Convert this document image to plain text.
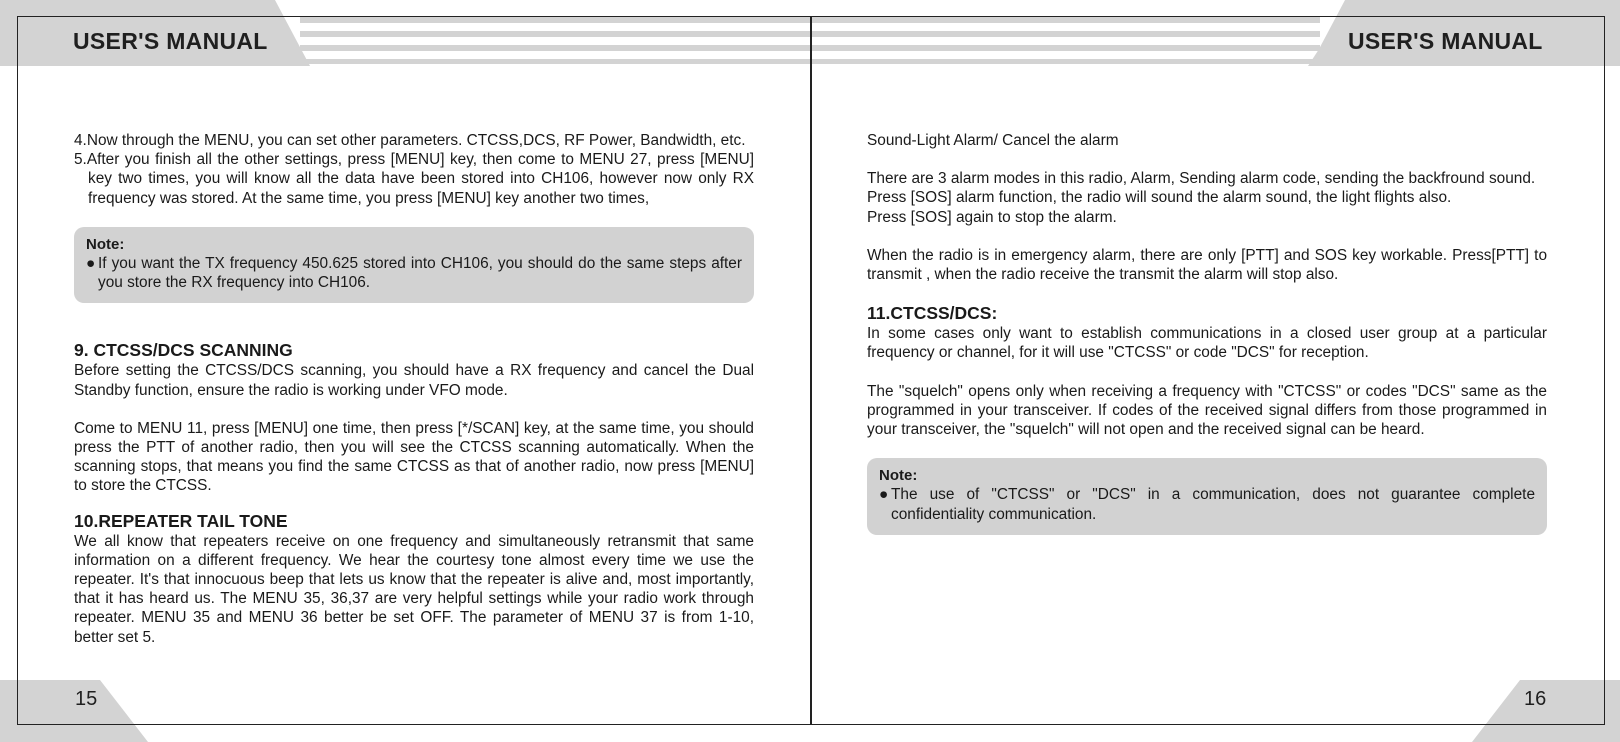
USER'S MANUAL	USER'S MANUAL
15	16

4.Now through the MENU, you can set other parameters. CTCSS,DCS, RF Power, Bandwidth, etc.

5.After you finish all the other settings, press [MENU] key, then come to MENU 27, press [MENU] key two times, you will know all the data have been stored into CH106, however now only RX frequency was stored. At the same time, you press [MENU] key another two times,

Note:
● If you want the TX frequency 450.625 stored into CH106, you should do the same steps after you store the RX frequency into CH106.
9. CTCSS/DCS SCANNING

Before setting the CTCSS/DCS scanning, you should have a RX frequency and cancel the Dual Standby function, ensure the radio is working under VFO mode.

Come to MENU 11, press [MENU] one time, then press [*/SCAN] key, at the same time, you should press the PTT of another radio, then you will see the CTCSS scanning automatically. When the scanning stops, that means you find the same CTCSS as that of another radio, now press [MENU] to store the CTCSS.

10.REPEATER TAIL TONE

We all know that repeaters receive on one frequency and simultaneously retransmit that same information on a different frequency. We hear the courtesy tone almost every time we use the repeater. It's that innocuous beep that lets us know that the repeater is alive and, most importantly, that it has heard us. The MENU 35, 36,37 are very helpful settings while your radio work through repeater. MENU 35 and MENU 36 better be set OFF. The parameter of MENU 37 is from 1-10, better set 5.

Sound-Light Alarm/ Cancel the alarm

There are 3 alarm modes in this radio, Alarm, Sending alarm code, sending the backfround sound.

Press [SOS] alarm function, the radio will sound the alarm sound, the light flights also.

Press [SOS] again to stop the alarm.

When the radio is in emergency alarm, there are only [PTT] and SOS key workable. Press[PTT] to transmit , when the radio receive the transmit the alarm will stop also.

11.CTCSS/DCS:

In some cases only want to establish communications in a closed user group at a particular frequency or channel, for it will use "CTCSS" or code "DCS" for reception.

The "squelch" opens only when receiving a frequency with "CTCSS" or codes "DCS" same as the programmed in your transceiver. If codes of the received signal differs from those programmed in your transceiver, the "squelch" will not open and the received signal can be heard.

Note:
● The use of "CTCSS" or "DCS" in a communication, does not guarantee complete confidentiality communication.
